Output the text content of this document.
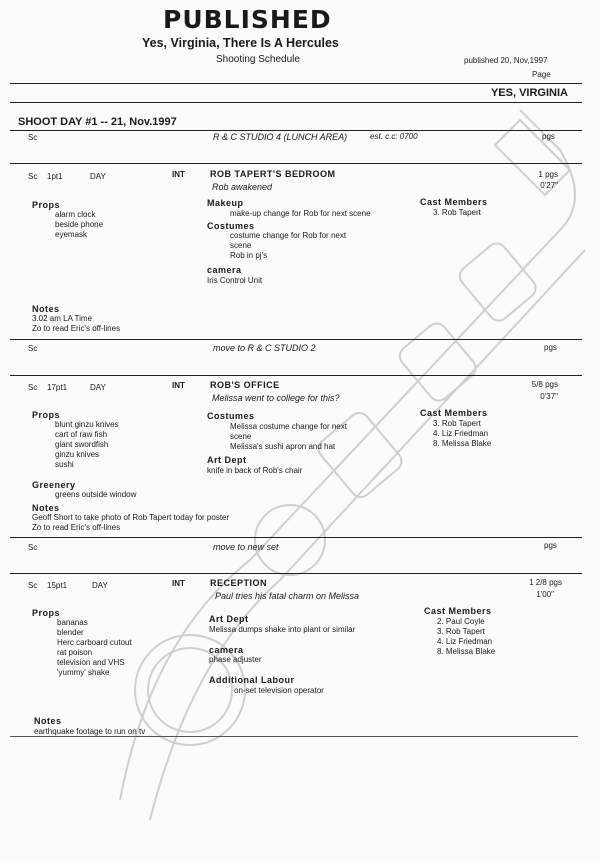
PUBLISHED
Yes, Virginia, There Is A Hercules
Shooting Schedule	published 20, Nov,1997
Page
YES, VIRGINIA
SHOOT DAY #1 -- 21, Nov.1997
Sc	R & C STUDIO 4 (LUNCH AREA)	est. c.c: 0700	pgs
Sc 1pt1	DAY	INT	ROB TAPERT'S BEDROOM
Rob awakened
1 pgs
0'27"
Props
alarm clock
beside phone
eyemask
Makeup
make-up change for Rob for next scene
Costumes
costume change for Rob for next
scene
Rob in pj's
camera
Iris Control Unit
Cast Members
3. Rob Tapert
Notes
3.02 am LA Time
Zo to read Eric's off-lines
Sc	move to R & C STUDIO 2	pgs
Sc 17pt1	DAY	INT	ROB'S OFFICE
Melissa went to college for this?
5/8 pgs
0'37"
Props
blunt ginzu knives
cart of raw fish
giant swordfish
ginzu knives
sushi
Greenery
greens outside window
Costumes
Melissa costume change for next
scene
Melissa's sushi apron and hat
Art Dept
knife in back of Rob's chair
Cast Members
3. Rob Tapert
4. Liz Friedman
8. Melissa Blake
Notes
Geoff Short to take photo of Rob Tapert today for poster
Zo to read Eric's off-lines
Sc	move to new set	pgs
Sc 15pt1	DAY	INT	RECEPTION
Paul tries his fatal charm on Melissa
1 2/8 pgs
1'00"
Props
bananas
blender
Herc carboard cutout
rat poison
television and VHS
'yummy' shake
Art Dept
Melissa dumps shake into plant or similar
camera
phase adjuster
Additional Labour
on-set television operator
Cast Members
2. Paul Coyle
3. Rob Tapert
4. Liz Friedman
8. Melissa Blake
Notes
earthquake footage to run on tv
